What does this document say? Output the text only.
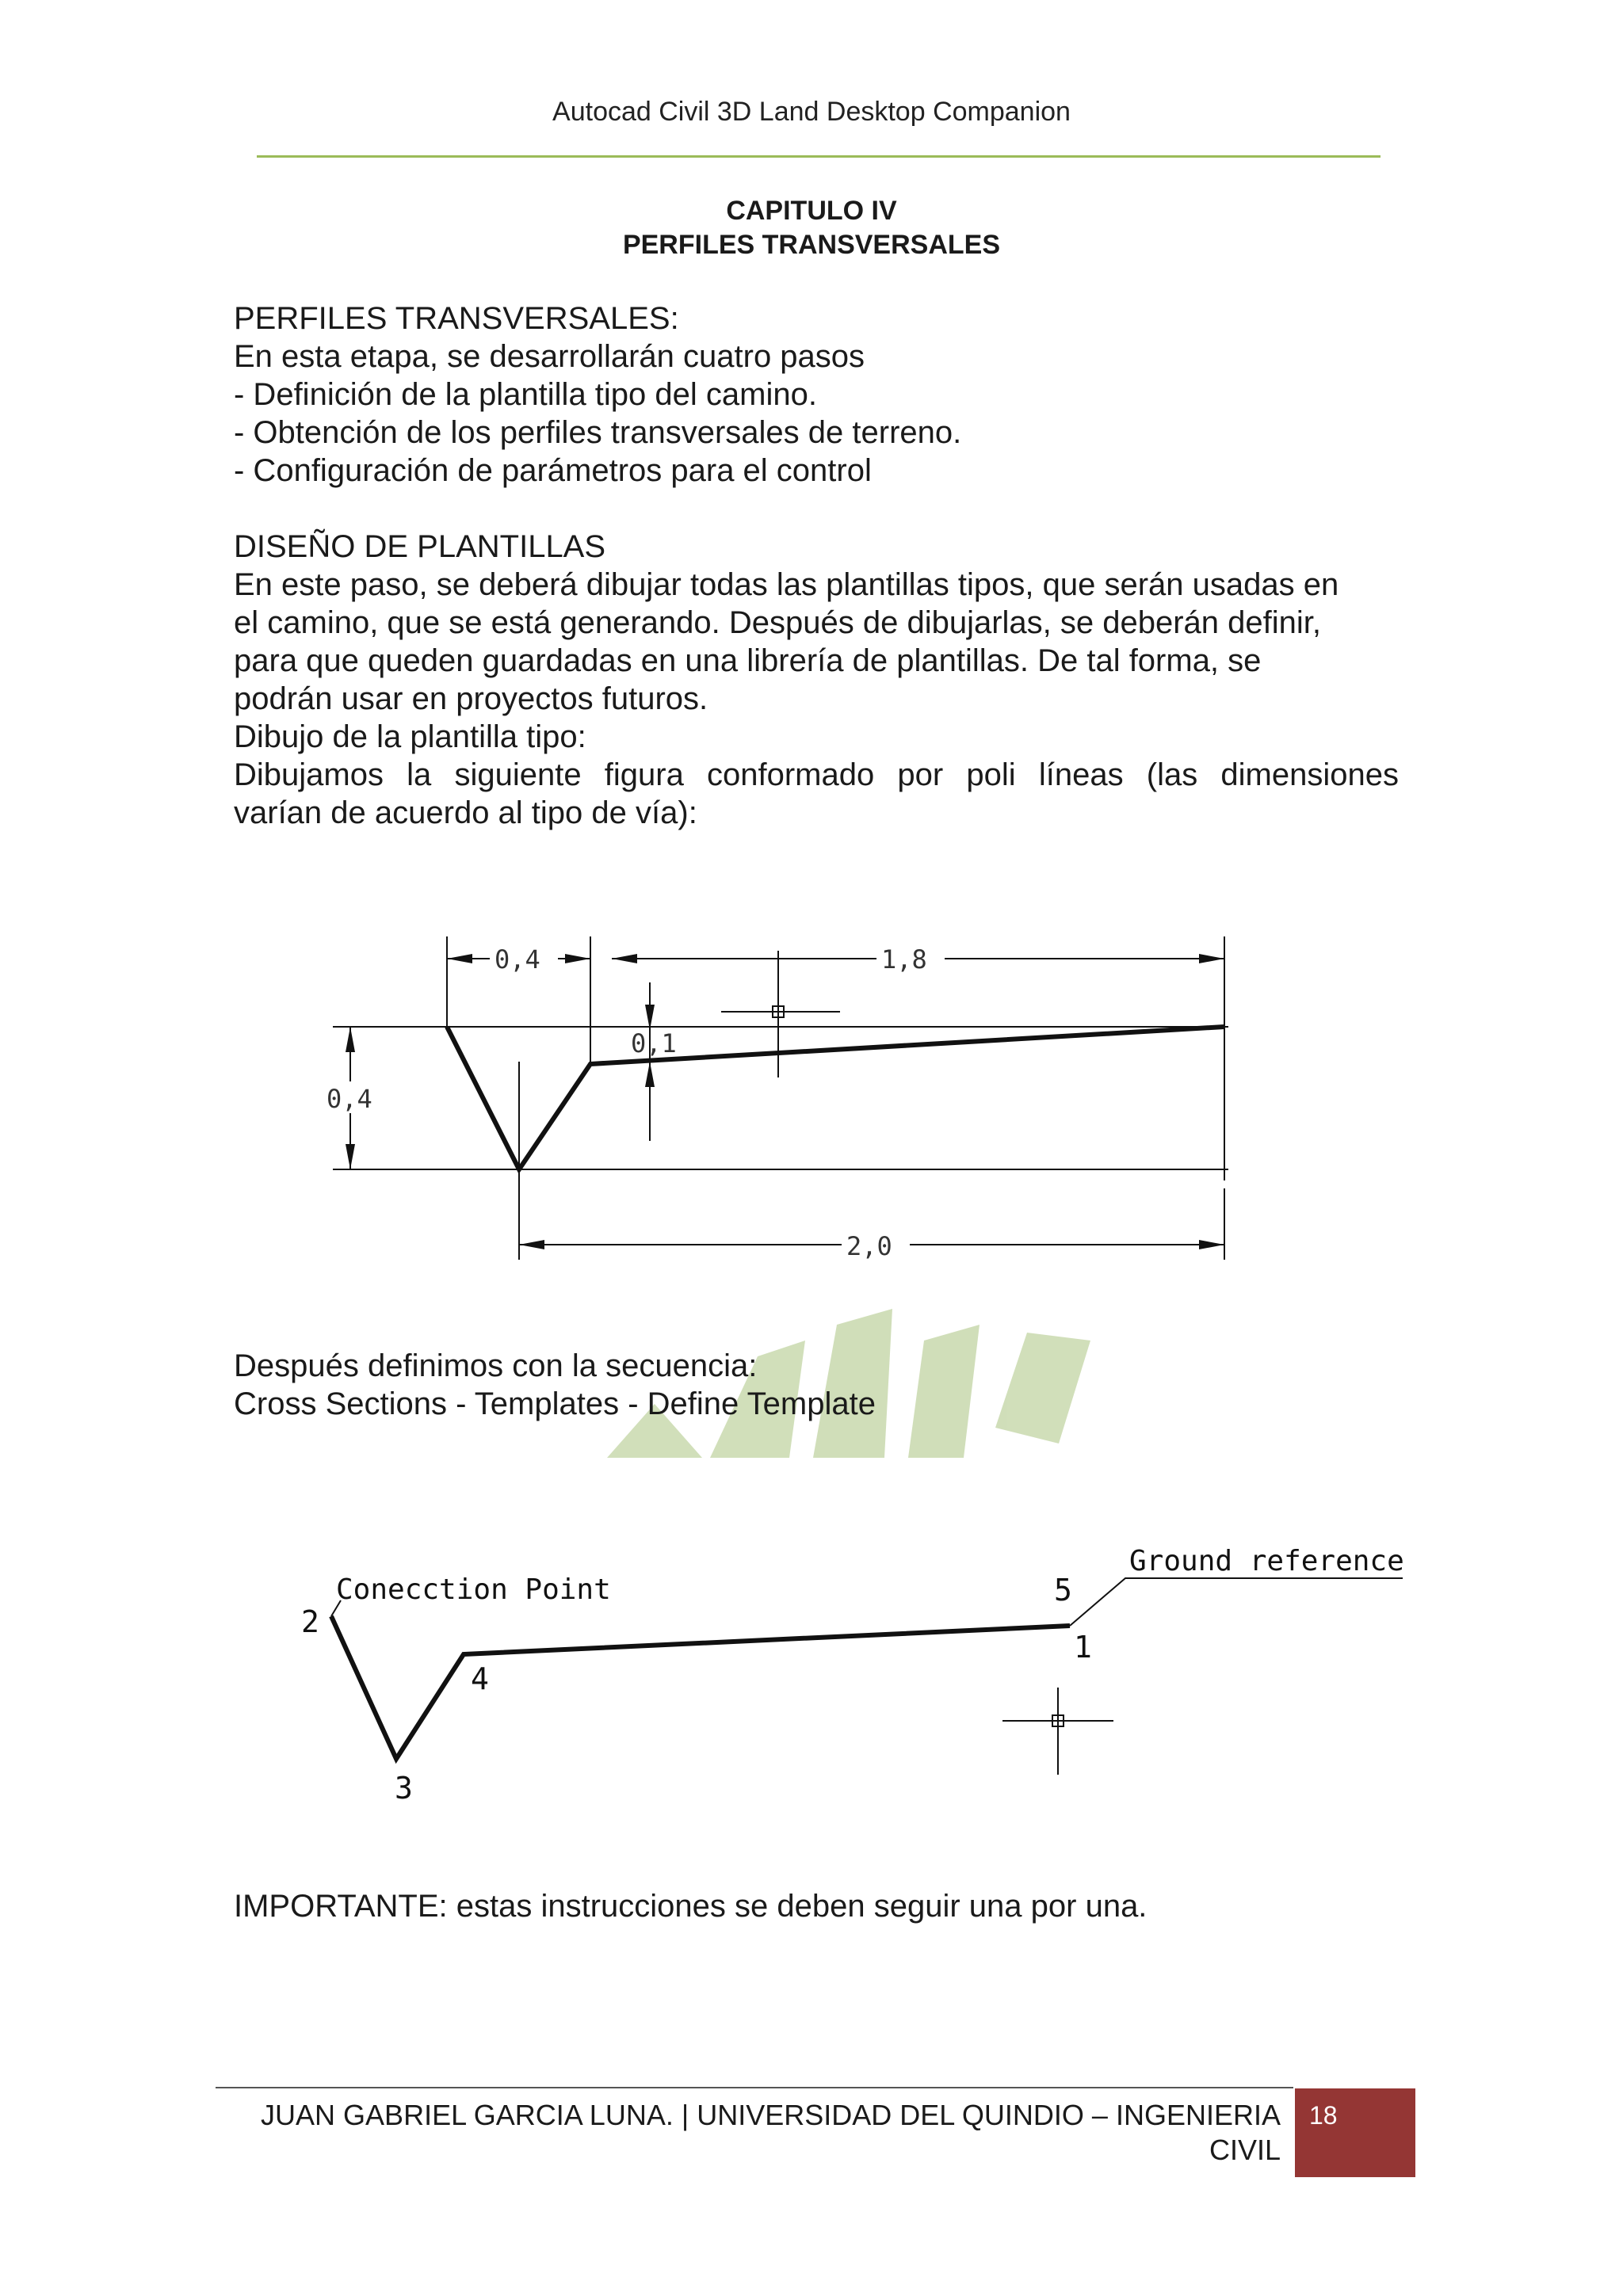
Autocad Civil 3D Land Desktop Companion
CAPITULO IV
PERFILES TRANSVERSALES

PERFILES TRANSVERSALES:

En esta etapa, se desarrollarán cuatro pasos

- Definición de la plantilla tipo del camino.

- Obtención de los perfiles transversales de terreno.

- Configuración de parámetros para el control

DISEÑO DE PLANTILLAS

En este paso, se deberá dibujar todas las plantillas tipos, que serán usadas en

el camino, que se está generando. Después de dibujarlas, se deberán definir,

para que queden guardadas en una librería de plantillas. De tal forma, se

podrán usar en proyectos futuros.

Dibujo de la plantilla tipo:

Dibujamos la siguiente figura conformado por poli líneas (las dimensiones

varían de acuerdo al tipo de vía):

0,4	1,8
0,4
0,1
2,0

Después definimos con la secuencia:

Cross Sections - Templates - Define Template

Conecction Point
Ground reference
2
3
4
5
1
IMPORTANTE: estas instrucciones se deben seguir una por una.
JUAN GABRIEL GARCIA LUNA. | UNIVERSIDAD DEL QUINDIO – INGENIERIA
CIVIL
18
